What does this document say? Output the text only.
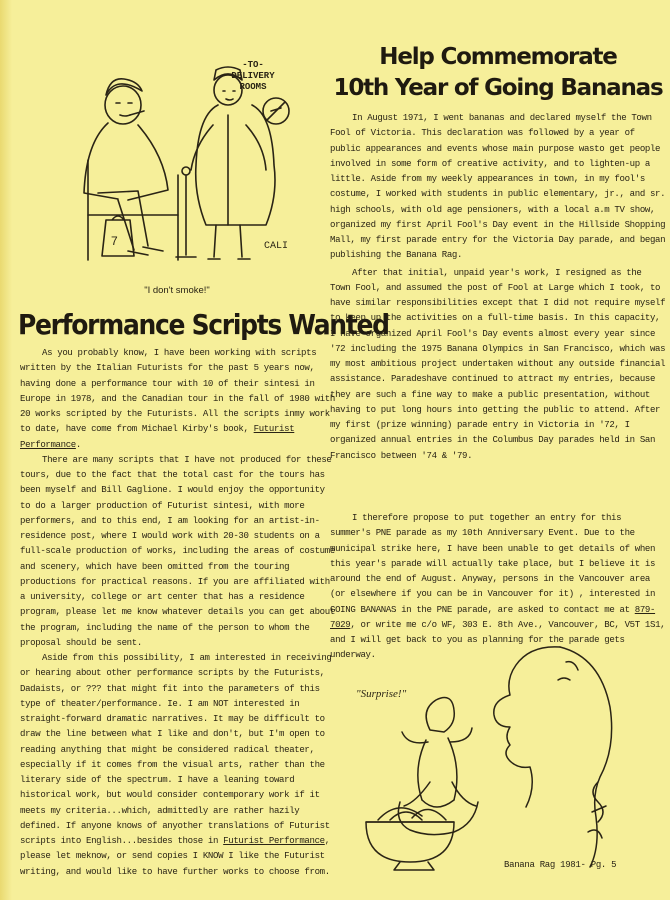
-TO-
DELIVERY
ROOMS
7	CALI
"I don't smoke!"
Performance Scripts Wanted

As you probably know, I have been working with scripts written by the Italian Futurists for the past 5 years now, having done a performance tour with 10 of their sintesi in Europe in 1978, and the Canadian tour in the fall of 1980 with 20 works scripted by the Futurists. All the scripts inmy work to date, have come from Michael Kirby's book, Futurist Performance.

There are many scripts that I have not produced for these tours, due to the fact that the total cast for the tours has been myself and Bill Gaglione. I would enjoy the opportunity to do a larger production of Futurist sintesi, with more performers, and to this end, I am looking for an artist-in-residence post, where I would work with 20-30 students on a full-scale production of works, including the areas of costume and scenery, which have been omitted from the touring productions for practical reasons. If you are affiliated with a university, college or art center that has a residence program, please let me know whatever details you can get about the program, including the name of the person to whom the proposal should be sent.

Aside from this possibility, I am interested in receiving or hearing about other performance scripts by the Futurists, Dadaists, or ??? that might fit into the parameters of this type of theater/performance. Ie. I am NOT interested in straight-forward dramatic narratives. It may be difficult to draw the line between what I like and don't, but I'm open to reading anything that might be considered radical theater, especially if it comes from the visual arts, rather than the literary side of the spectrum. I have a leaning toward historical work, but would consider contemporary work if it meets my criteria...which, admittedly are rather hazily defined. If anyone knows of anyother translations of Futurist scripts into English...besides those in Futurist Performance, please let meknow, or send copies I KNOW I like the Futurist writing, and would like to have further works to choose from.

Help Commemorate
10th Year of Going Bananas

In August 1971, I went bananas and declared myself the Town Fool of Victoria. This declaration was followed by a year of public appearances and events whose main purpose wasto get people involved in some form of creative activity, and to lighten-up a little. Aside from my weekly appearances in town, in my fool's costume, I worked with students in public elementary, jr., and sr. high schools, with old age pensioners, with a local a.m TV show, organized my first April Fool's Day event in the Hillside Shopping Mall, my first parade entry for the Victoria Day parade, and began publishing the Banana Rag.

After that initial, unpaid year's work, I resigned as the Town Fool, and assumed the post of Fool at Large which I took, to have similar responsibilities except that I did not require myself to keep up the activities on a full-time basis. In this capacity, I have organized April Fool's Day events almost every year since '72 including the 1975 Banana Olympics in San Francisco, which was my most ambitious project undertaken without any outside financial assistance. Paradeshave continued to attract my entries, because they are such a fine way to make a public presentation, without having to put long hours into getting the public to attend. After my first (prize winning) parade entry in Victoria in '72, I organized annual entries in the Columbus Day parades held in San Francisco between '74 & '79.

I therefore propose to put together an entry for this summer's PNE parade as my 10th Anniversary Event. Due to the municipal strike here, I have been unable to get details of when this year's parade will actually take place, but I believe it is around the end of August. Anyway, persons in the Vancouver area (or elsewhere if you can be in Vancouver for it) , interested in GOING BANANAS in the PNE parade, are asked to contact me at 879-7029, or write me c/o WF, 303 E. 8th Ave., Vancouver, BC, V5T 1S1, and I will get back to you as planning for the parade gets underway.

"Surprise!"
Banana Rag 1981- Pg. 5
